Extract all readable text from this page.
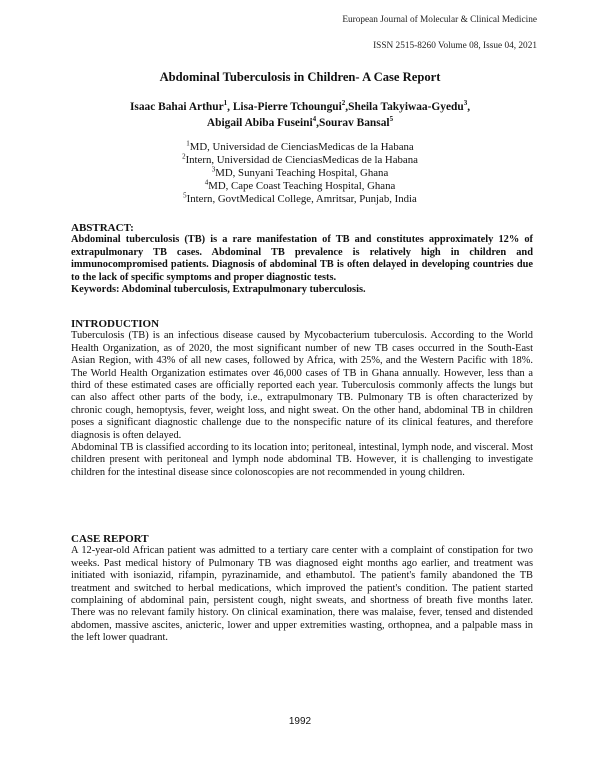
European Journal of Molecular & Clinical Medicine
ISSN 2515-8260 Volume 08, Issue 04, 2021
Abdominal Tuberculosis in Children- A Case Report
Isaac Bahai Arthur$^1$, Lisa-Pierre Tchoungui$^2$,Sheila Takyiwaa-Gyedu$^3$,
Abigail Abiba Fuseini$^4$,Sourav Bansal$^5$
$^1$MD, Universidad de CienciasMedicas de la Habana
$^2$Intern, Universidad de CienciasMedicas de la Habana
$^3$MD, Sunyani Teaching Hospital, Ghana
$^4$MD, Cape Coast Teaching Hospital, Ghana
$^5$Intern, GovtMedical College, Amritsar, Punjab, India
ABSTRACT:
Abdominal tuberculosis (TB) is a rare manifestation of TB and constitutes approximately 12% of extrapulmonary TB cases. Abdominal TB prevalence is relatively high in children and immunocompromised patients. Diagnosis of abdominal TB is often delayed in developing countries due to the lack of specific symptoms and proper diagnostic tests.
Keywords: Abdominal tuberculosis, Extrapulmonary tuberculosis.
INTRODUCTION
Tuberculosis (TB) is an infectious disease caused by Mycobacterium tuberculosis. According to the World Health Organization, as of 2020, the most significant number of new TB cases occurred in the South-East Asian Region, with 43% of all new cases, followed by Africa, with 25%, and the Western Pacific with 18%. The World Health Organization estimates over 46,000 cases of TB in Ghana annually. However, less than a third of these estimated cases are officially reported each year. Tuberculosis commonly affects the lungs but can also affect other parts of the body, i.e., extrapulmonary TB. Pulmonary TB is often characterized by chronic cough, hemoptysis, fever, weight loss, and night sweat. On the other hand, abdominal TB in children poses a significant diagnostic challenge due to the nonspecific nature of its clinical features, and therefore diagnosis is often delayed.
Abdominal TB is classified according to its location into; peritoneal, intestinal, lymph node, and visceral. Most children present with peritoneal and lymph node abdominal TB. However, it is challenging to investigate children for the intestinal disease since colonoscopies are not recommended in young children.
CASE REPORT
A 12-year-old African patient was admitted to a tertiary care center with a complaint of constipation for two weeks. Past medical history of Pulmonary TB was diagnosed eight months ago earlier, and treatment was initiated with isoniazid, rifampin, pyrazinamide, and ethambutol. The patient's family abandoned the TB treatment and switched to herbal medications, which improved the patient's condition. The patient started complaining of abdominal pain, persistent cough, night sweats, and shortness of breath five months later. There was no relevant family history. On clinical examination, there was malaise, fever, tensed and distended abdomen, massive ascites, anicteric, lower and upper extremities wasting, orthopnea, and a palpable mass in the left lower quadrant.
1992
